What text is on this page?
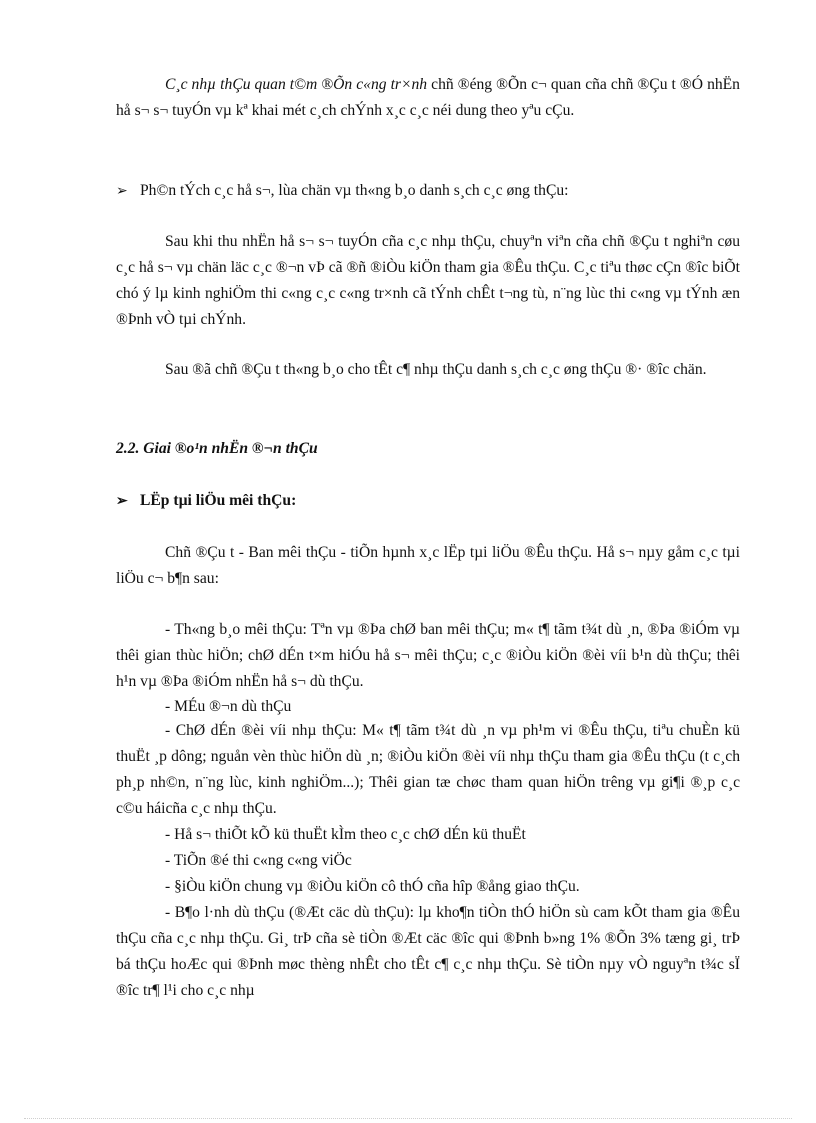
C¸c nhµ thÇu quan t©m ®Õn c«ng tr×nh chñ ®éng ®Õn c¬ quan cña chñ ®Çu t ®Ó nhËn hå s¬ s¬ tuyÓn vµ kª khai mét c¸ch chÝnh x¸c c¸c néi dung theo yªu cÇu.
➢ Ph©n tÝch c¸c hå s¬, lùa chän vµ th«ng b¸o danh s¸ch c¸c øng thÇu:
Sau khi thu nhËn hå s¬ s¬ tuyÓn cña c¸c nhµ thÇu, chuyªn viªn cña chñ ®Çu t nghiªn cøu c¸c hå s¬ vµ chän läc c¸c ®¬n vÞ cã ®ñ ®iÒu kiÖn tham gia ®Êu thÇu. C¸c tiªu thøc cÇn ®îc biÕt chó ý lµ kinh nghiÖm thi c«ng c¸c c«ng tr×nh cã tÝnh chÊt t¬ng tù, n¨ng lùc thi c«ng vµ tÝnh æn ®Þnh vÒ tµi chÝnh.
Sau ®ã chñ ®Çu t th«ng b¸o cho tÊt c¶ nhµ thÇu danh s¸ch c¸c øng thÇu ®· ®îc chän.
2.2. Giai ®o¹n nhËn ®¬n thÇu
➢ LËp tµi liÖu mêi thÇu:
Chñ ®Çu t - Ban mêi thÇu - tiÕn hµnh x¸c lËp tµi liÖu ®Êu thÇu. Hå s¬ nµy gåm c¸c tµi liÖu c¬ b¶n sau:
- Th«ng b¸o mêi thÇu: Tªn vµ ®Þa chØ ban mêi thÇu; m« t¶ tãm t¾t dù ¸n, ®Þa ®iÓm vµ thêi gian thùc hiÖn; chØ dÉn t×m hiÓu hå s¬ mêi thÇu; c¸c ®iÒu kiÖn ®èi víi b¹n dù thÇu; thêi h¹n vµ ®Þa ®iÓm nhËn hå s¬ dù thÇu.
- MÉu ®¬n dù thÇu
- ChØ dÉn ®èi víi nhµ thÇu: M« t¶ tãm t¾t dù ¸n vµ ph¹m vi ®Êu thÇu, tiªu chuÈn kü thuËt ¸p dông; nguån vèn thùc hiÖn dù ¸n; ®iÒu kiÖn ®èi víi nhµ thÇu tham gia ®Êu thÇu (t c¸ch ph¸p nh©n, n¨ng lùc, kinh nghiÖm...); Thêi gian tæ chøc tham quan hiÖn trêng vµ gi¶i ®¸p c¸c c©u háicña c¸c nhµ thÇu.
- Hå s¬ thiÕt kÕ kü thuËt kÌm theo c¸c chØ dÉn kü thuËt
- TiÕn ®é thi c«ng c«ng viÖc
- §iÒu kiÖn chung vµ ®iÒu kiÖn cô thÓ cña hîp ®ång giao thÇu.
- B¶o l·nh dù thÇu (®Æt cäc dù thÇu): lµ kho¶n tiÒn thÓ hiÖn sù cam kÕt tham gia ®Êu thÇu cña c¸c nhµ thÇu. Gi¸ trÞ cña sè tiÒn ®Æt cäc ®îc qui ®Þnh b»ng 1% ®Õn 3% tæng gi¸ trÞ bá thÇu hoÆc qui ®Þnh møc thèng nhÊt cho tÊt c¶ c¸c nhµ thÇu. Sè tiÒn nµy vÒ nguyªn t¾c sÏ ®îc tr¶ l¹i cho c¸c nhµ
